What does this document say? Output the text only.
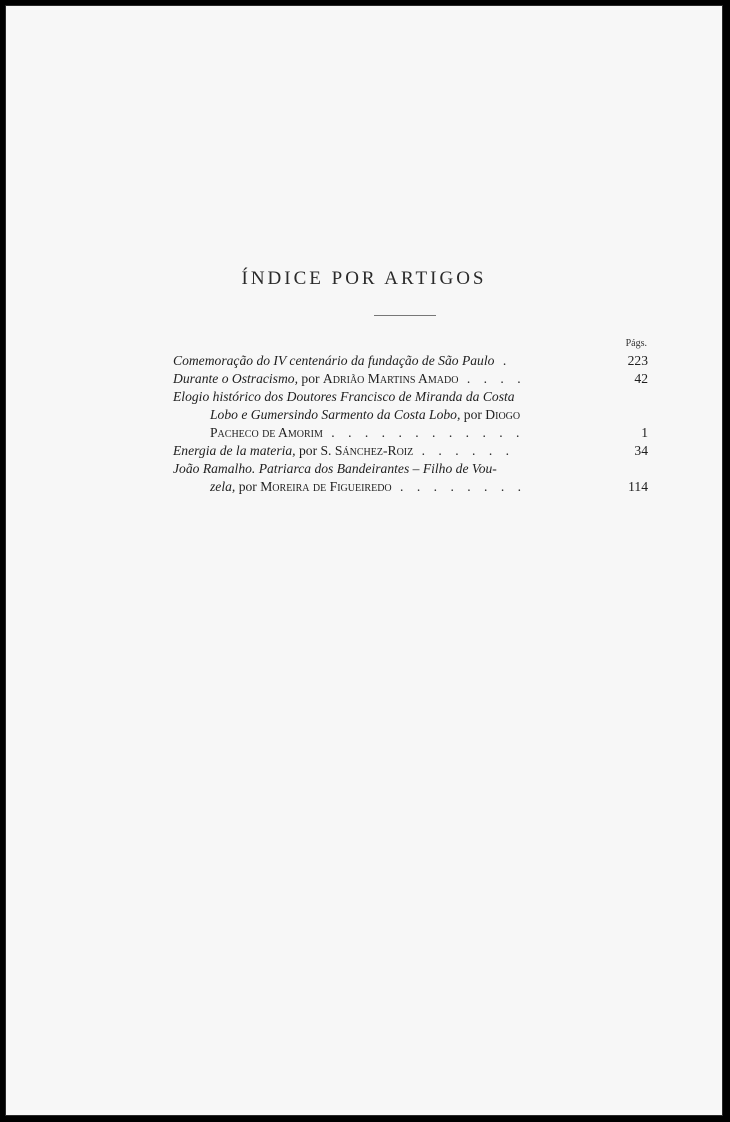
ÍNDICE POR ARTIGOS
Págs.
Comemoração do IV centenário da fundação de São Paulo .	223
Durante o Ostracismo, por Adrião Martins Amado . . . .	42
Elogio histórico dos Doutores Francisco de Miranda da Costa
Lobo e Gumersindo Sarmento da Costa Lobo, por Diogo
Pacheco de Amorim . . . . . . . . . . . .	1
Energia de la materia, por S. Sánchez-Roiz . . . . . .	34
João Ramalho. Patriarca dos Bandeirantes – Filho de Vou-
zela, por Moreira de Figueiredo . . . . . . . .	114
